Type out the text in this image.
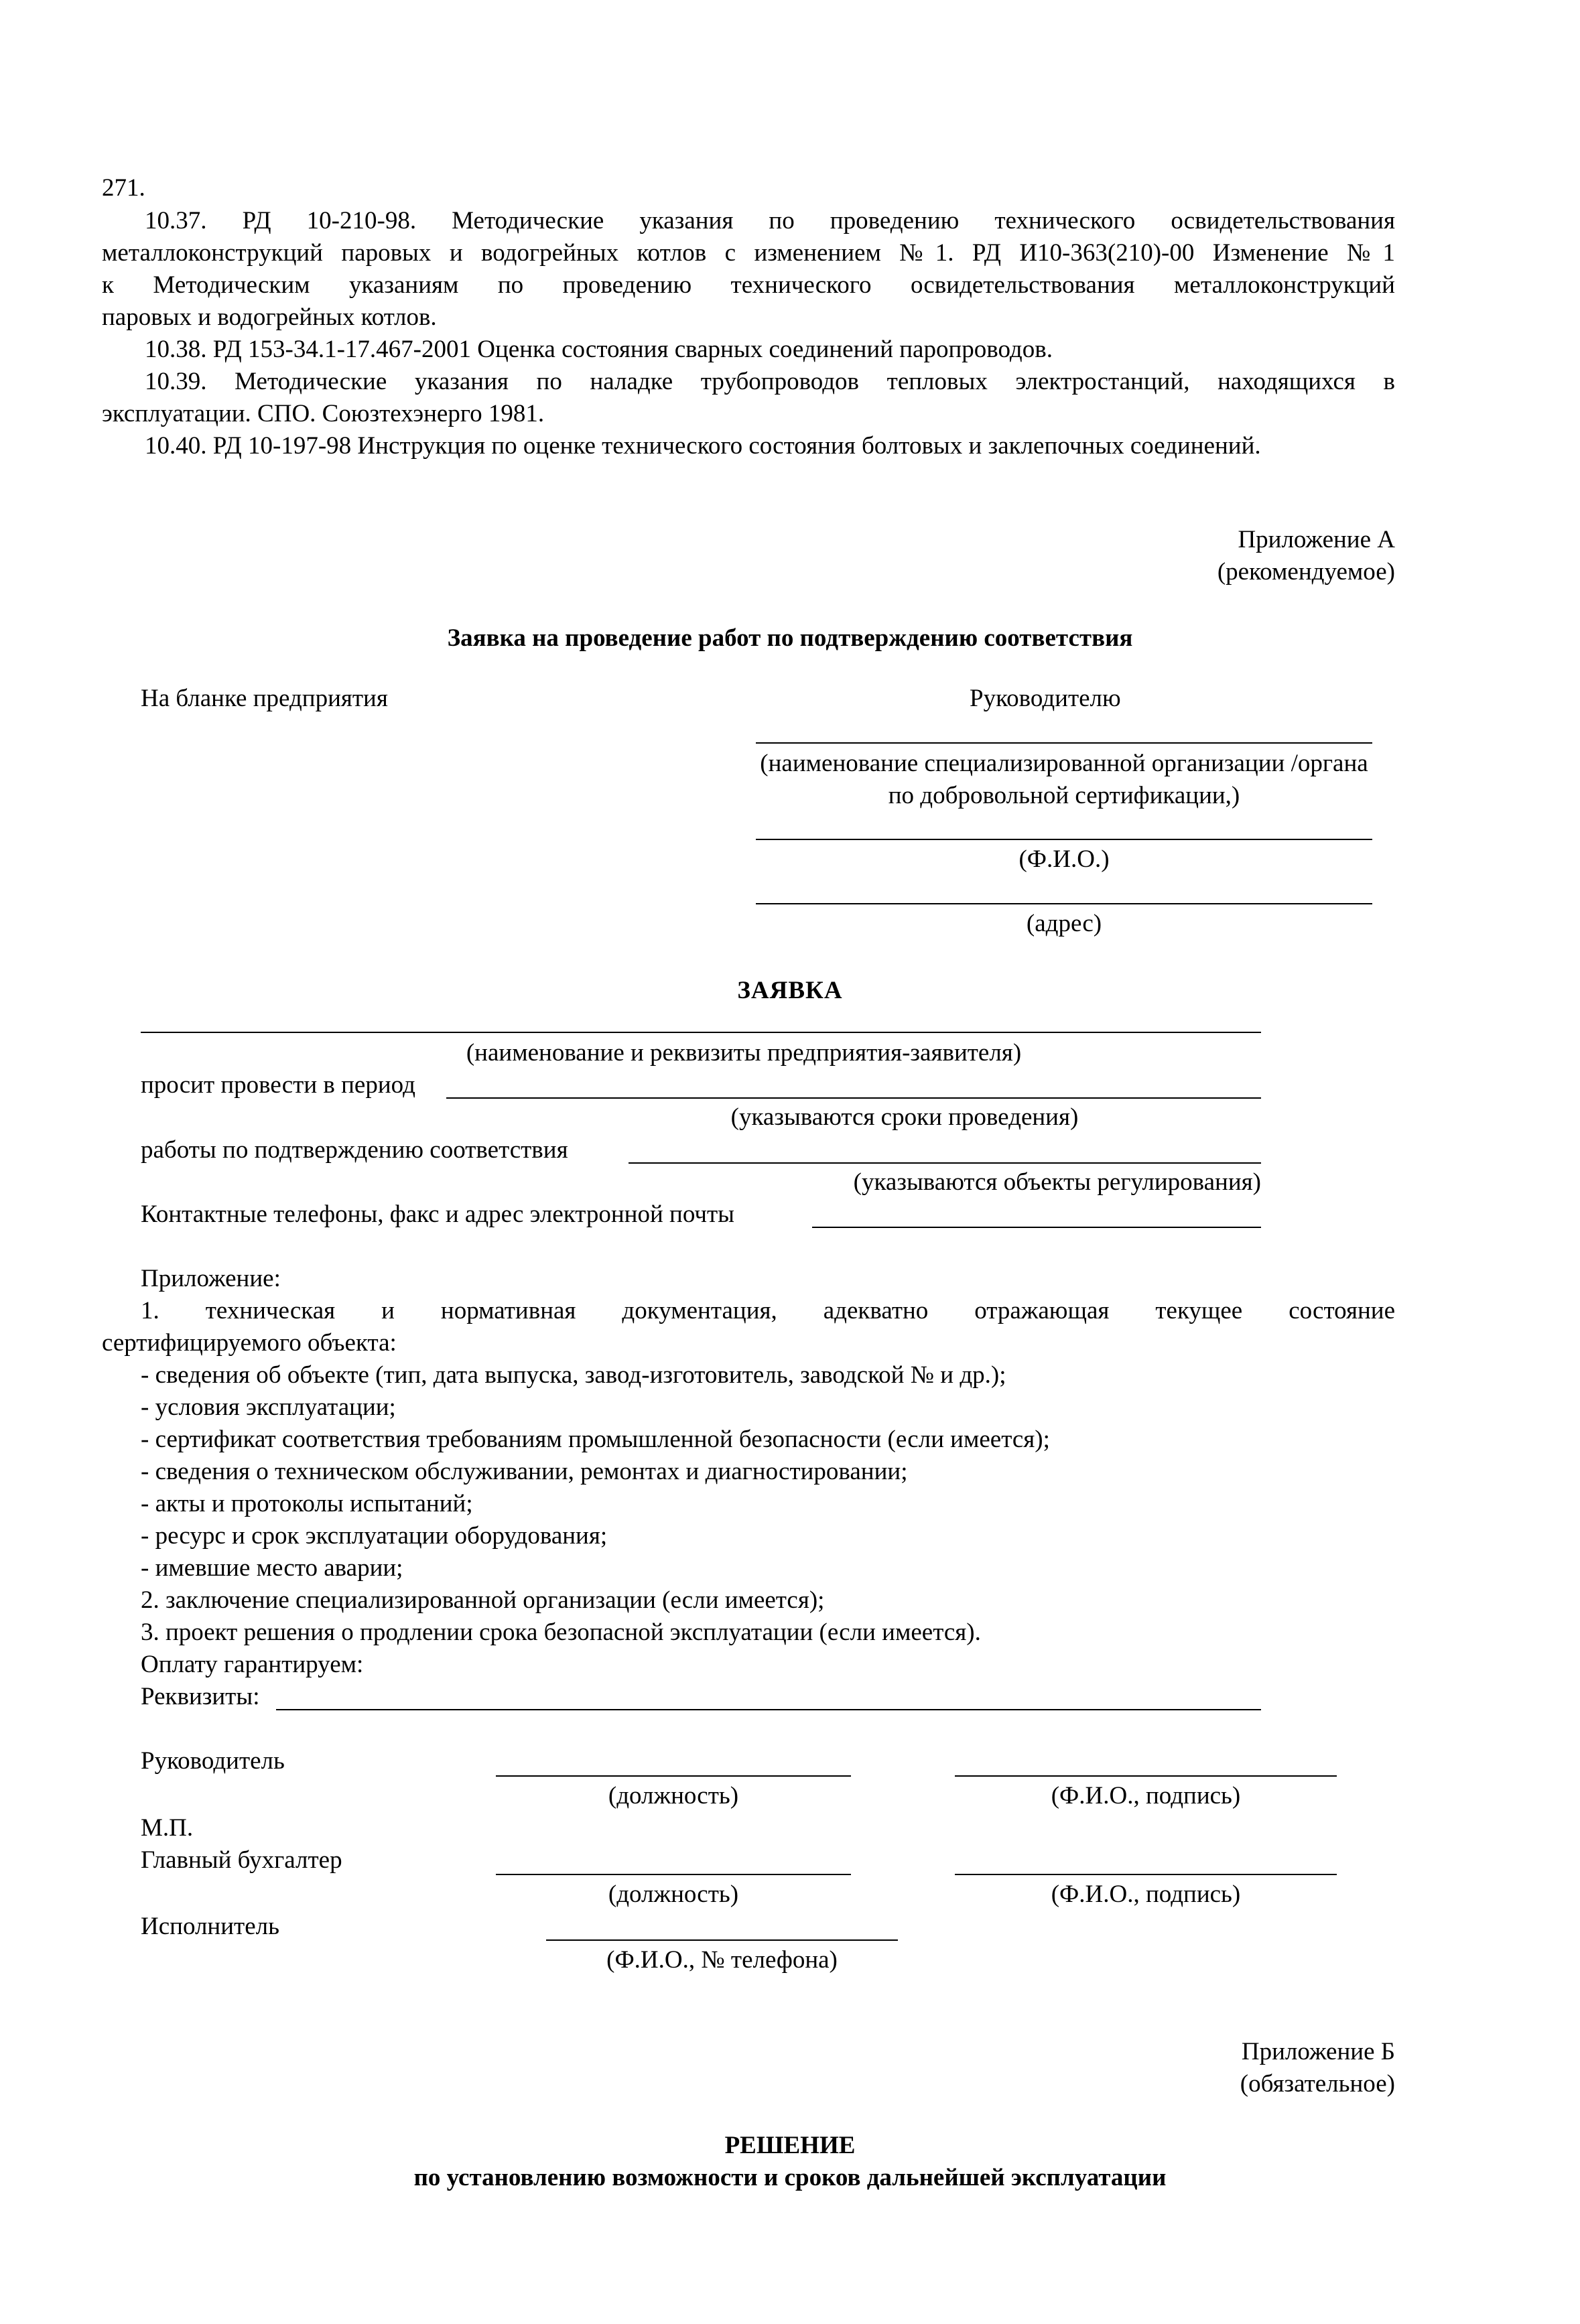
271.
10.37. РД 10-210-98. Методические указания по проведению технического освидетельствования
металлоконструкций паровых и водогрейных котлов с изменением №1. РД И10-363(210)-00 Изменение №1
к Методическим указаниям по проведению технического освидетельствования металлоконструкций
паровых и водогрейных котлов.
10.38. РД 153-34.1-17.467-2001 Оценка состояния сварных соединений паропроводов.
10.39. Методические указания по наладке трубопроводов тепловых электростанций, находящихся в
эксплуатации. СПО. Союзтехэнерго 1981.
10.40. РД 10-197-98 Инструкция по оценке технического состояния болтовых и заклепочных соединений.
Приложение А
(рекомендуемое)
Заявка на проведение работ по подтверждению соответствия
На бланке предприятия	Руководителю
(наименование специализированной организации /органа
по добровольной сертификации,)
(Ф.И.О.)
(адрес)
ЗАЯВКА
(наименование и реквизиты предприятия-заявителя)
просит провести в период
(указываются сроки проведения)
работы по подтверждению соответствия
(указываются объекты регулирования)
Контактные телефоны, факс и адрес электронной почты
Приложение:
1. техническая и нормативная документация, адекватно отражающая текущее состояние
сертифицируемого объекта:
- сведения об объекте (тип, дата выпуска, завод-изготовитель, заводской № и др.);
- условия эксплуатации;
- сертификат соответствия требованиям промышленной безопасности (если имеется);
- сведения о техническом обслуживании, ремонтах и диагностировании;
- акты и протоколы испытаний;
- ресурс и срок эксплуатации оборудования;
- имевшие место аварии;
2. заключение специализированной организации (если имеется);
3. проект решения о продлении срока безопасной эксплуатации (если имеется).
Оплату гарантируем:
Реквизиты:
Руководитель
(должность)	(Ф.И.О., подпись)
М.П.
Главный бухгалтер
(должность)	(Ф.И.О., подпись)
Исполнитель
(Ф.И.О., № телефона)
Приложение Б
(обязательное)
РЕШЕНИЕ
по установлению возможности и сроков дальнейшей эксплуатации
